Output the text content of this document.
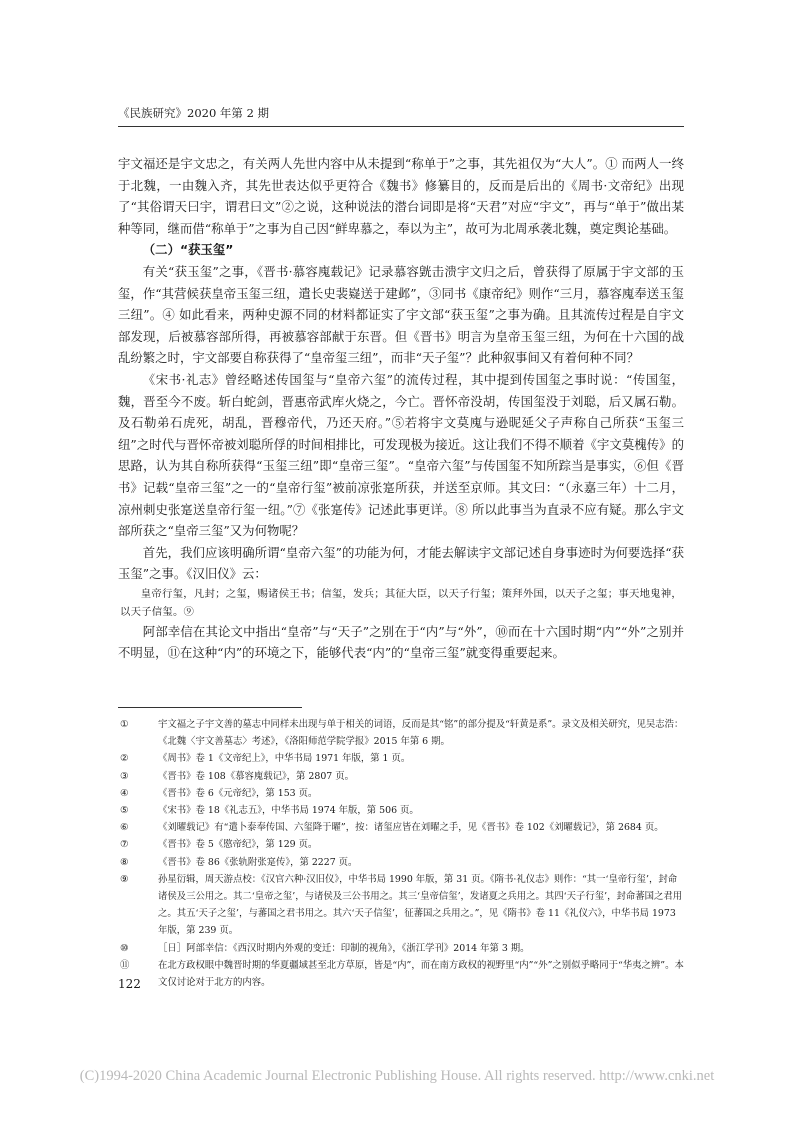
《民族研究》2020 年第 2 期

宇文福还是宇文忠之，有关两人先世内容中从未提到“称单于”之事，其先祖仅为“大人”。① 而两人一终于北魏，一由魏入齐，其先世表达似乎更符合《魏书》修纂目的，反而是后出的《周书·文帝纪》出现了“其俗谓天曰宇，谓君曰文”②之说，这种说法的潜台词即是将“天君”对应“宇文”，再与“单于”做出某种等同，继而借“称单于”之事为自己因“鲜卑慕之，奉以为主”，故可为北周承袭北魏，奠定舆论基础。

（二）“获玉玺”

有关“获玉玺”之事，《晋书·慕容廆载记》记录慕容皝击溃宇文归之后，曾获得了原属于宇文部的玉玺，作“其营候获皇帝玉玺三纽，遣长史裴嶷送于建邺”，③同书《康帝纪》则作“三月，慕容廆奉送玉玺三纽”。④ 如此看来，两种史源不同的材料都证实了宇文部“获玉玺”之事为确。且其流传过程是自宇文部发现，后被慕容部所得，再被慕容部献于东晋。但《晋书》明言为皇帝玉玺三纽，为何在十六国的战乱纷繁之时，宇文部要自称获得了“皇帝玺三纽”，而非“天子玺”？此种叙事间又有着何种不同？

《宋书·礼志》曾经略述传国玺与“皇帝六玺”的流传过程，其中提到传国玺之事时说：“传国玺，魏，晋至今不废。斩白蛇剑，晋惠帝武库火烧之，今亡。晋怀帝没胡，传国玺没于刘聪，后又属石勒。及石勒弟石虎死，胡乱，晋穆帝代，乃还天府。”⑤若将宇文莫廆与逊昵延父子声称自己所获“玉玺三纽”之时代与晋怀帝被刘聪所俘的时间相排比，可发现极为接近。这让我们不得不顺着《宇文莫槐传》的思路，认为其自称所获得“玉玺三纽”即“皇帝三玺”。“皇帝六玺”与传国玺不知所踪当是事实，⑥但《晋书》记载“皇帝三玺”之一的“皇帝行玺”被前凉张寔所获，并送至京师。其文曰：“（永嘉三年）十二月，凉州刺史张寔送皇帝行玺一纽。”⑦《张寔传》记述此事更详。⑧ 所以此事当为直录不应有疑。那么宇文部所获之“皇帝三玺”又为何物呢？

首先，我们应该明确所谓“皇帝六玺”的功能为何，才能去解读宇文部记述自身事迹时为何要选择“获玉玺”之事。《汉旧仪》云：

皇帝行玺，凡封；之玺，赐诸侯王书；信玺，发兵；其征大臣，以天子行玺；策拜外国，以天子之玺；事天地鬼神，以天子信玺。⑨

阿部幸信在其论文中指出“皇帝”与“天子”之别在于“内”与“外”，⑩而在十六国时期“内”“外”之别并不明显，⑪在这种“内”的环境之下，能够代表“内”的“皇帝三玺”就变得重要起来。

①	宇文福之子宇文善的墓志中同样未出现与单于相关的词语，反而是其“铭”的部分提及“轩黄是系”。录文及相关研究，见吴志浩：《北魏〈宇文善墓志〉考述》，《洛阳师范学院学报》2015 年第 6 期。
②	《周书》卷 1《文帝纪上》，中华书局 1971 年版，第 1 页。
③	《晋书》卷 108《慕容廆载记》，第 2807 页。
④	《晋书》卷 6《元帝纪》，第 153 页。
⑤	《宋书》卷 18《礼志五》，中华书局 1974 年版，第 506 页。
⑥	《刘曜载记》有“遣卜泰奉传国、六玺降于曜”，按：诸玺应皆在刘曜之手，见《晋书》卷 102《刘曜载记》，第 2684 页。
⑦	《晋书》卷 5《愍帝纪》，第 129 页。
⑧	《晋书》卷 86《张轨附张寔传》，第 2227 页。
⑨	孙星衍辑，周天游点校：《汉官六种·汉旧仪》，中华书局 1990 年版，第 31 页。《隋书·礼仪志》则作：“其一‘皇帝行玺’，封命诸侯及三公用之。其二‘皇帝之玺’，与诸侯及三公书用之。其三‘皇帝信玺’，发诸夏之兵用之。其四‘天子行玺’，封命蕃国之君用之。其五‘天子之玺’，与蕃国之君书用之。其六‘天子信玺’，征蕃国之兵用之。”，见《隋书》卷 11《礼仪六》，中华书局 1973 年版，第 239 页。
⑩	［日］阿部幸信：《西汉时期内外观的变迁：印制的视角》，《浙江学刊》2014 年第 3 期。
⑪	在北方政权眼中魏晋时期的华夏疆域甚至北方草原，皆是“内”，而在南方政权的视野里“内”“外”之别似乎略同于“华夷之辨”。本文仅讨论对于北方的内容。
122
(C)1994-2020 China Academic Journal Electronic Publishing House. All rights reserved. http://www.cnki.net
